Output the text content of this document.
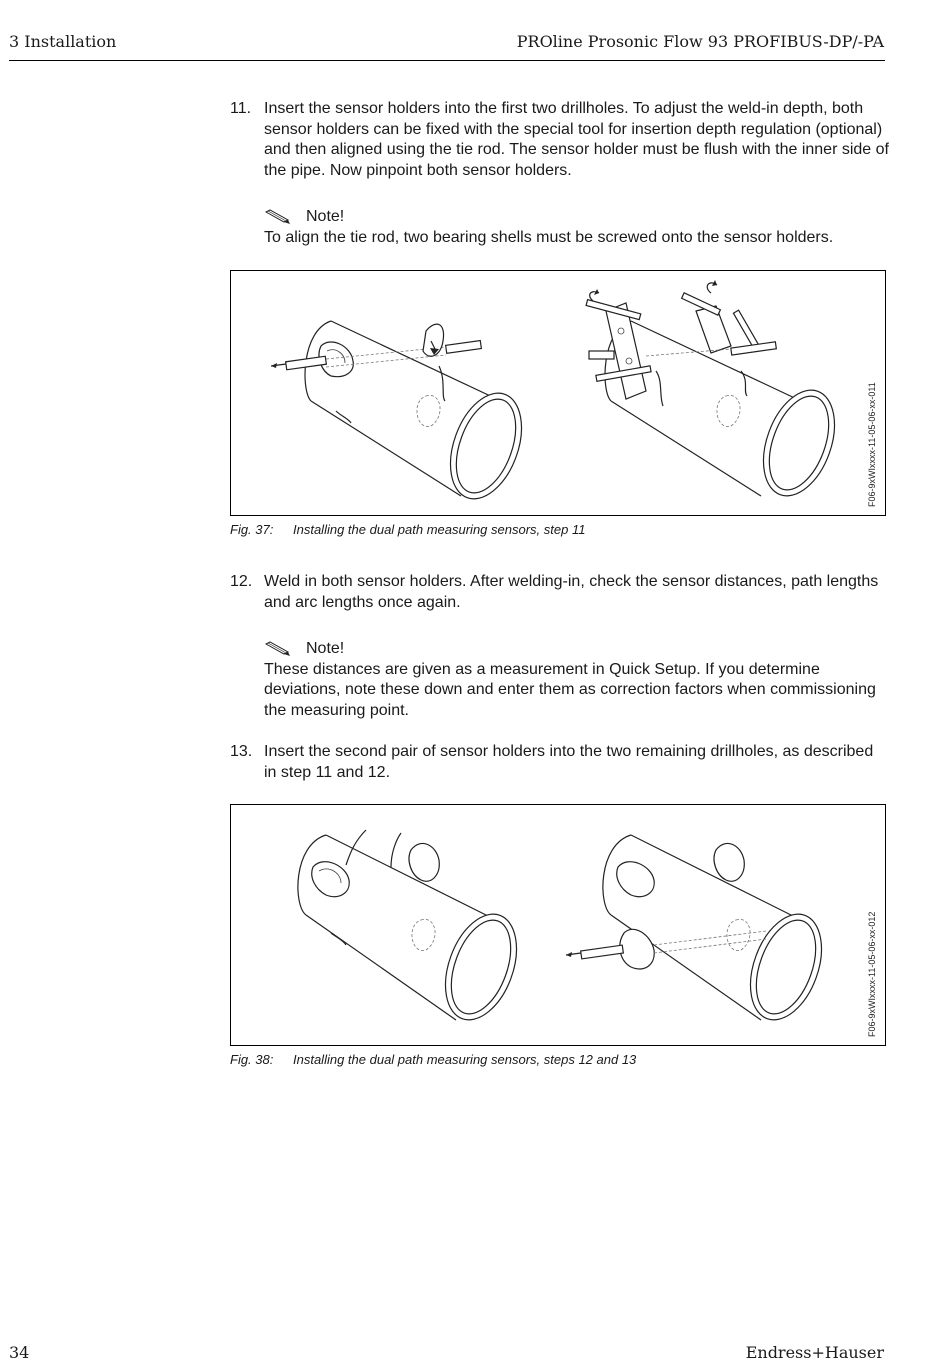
3 Installation	PROline Prosonic Flow 93 PROFIBUS-DP/-PA
11. Insert the sensor holders into the first two drillholes. To adjust the weld-in depth, both sensor holders can be fixed with the special tool for insertion depth regulation (optional) and then aligned using the tie rod. The sensor holder must be flush with the inner side of the pipe. Now pinpoint both sensor holders.
Note!
To align the tie rod, two bearing shells must be screwed onto the sensor holders.
F06-9xWIxxxx-11-05-06-xx-011
Fig. 37: Installing the dual path measuring sensors, step 11
12. Weld in both sensor holders. After welding-in, check the sensor distances, path lengths and arc lengths once again.
Note!
These distances are given as a measurement in Quick Setup. If you determine deviations, note these down and enter them as correction factors when commissioning the measuring point.
13. Insert the second pair of sensor holders into the two remaining drillholes, as described in step 11 and 12.
F06-9xWIxxxx-11-05-06-xx-012
Fig. 38: Installing the dual path measuring sensors, steps 12 and 13
34	Endress+Hauser
